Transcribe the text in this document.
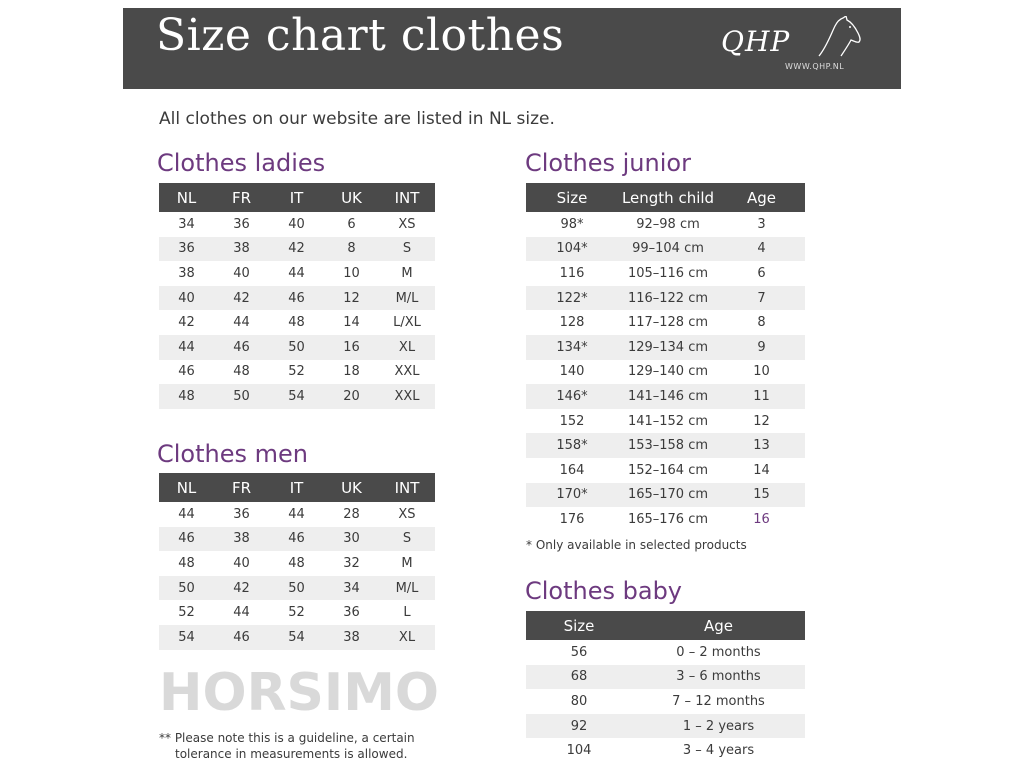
Size chart clothes	QHP
WWW.QHP.NL
All clothes on our website are listed in NL size.
Clothes ladies
NL	FR	IT	UK	INT
34	36	40	6	XS
36	38	42	8	S
38	40	44	10	M
40	42	46	12	M/L
42	44	48	14	L/XL
44	46	50	16	XL
46	48	52	18	XXL
48	50	54	20	XXL
Clothes men
NL	FR	IT	UK	INT
44	36	44	28	XS
46	38	46	30	S
48	40	48	32	M
50	42	50	34	M/L
52	44	52	36	L
54	46	54	38	XL
HORSIMO
** Please note this is a guideline, a certain
tolerance in measurements is allowed.
Clothes junior
Size	Length child	Age
98*	92–98 cm	3
104*	99–104 cm	4
116	105–116 cm	6
122*	116–122 cm	7
128	117–128 cm	8
134*	129–134 cm	9
140	129–140 cm	10
146*	141–146 cm	11
152	141–152 cm	12
158*	153–158 cm	13
164	152–164 cm	14
170*	165–170 cm	15
176	165–176 cm	16
* Only available in selected products
Clothes baby
Size	Age
56	0 – 2 months
68	3 – 6 months
80	7 – 12 months
92	1 – 2 years
104	3 – 4 years
